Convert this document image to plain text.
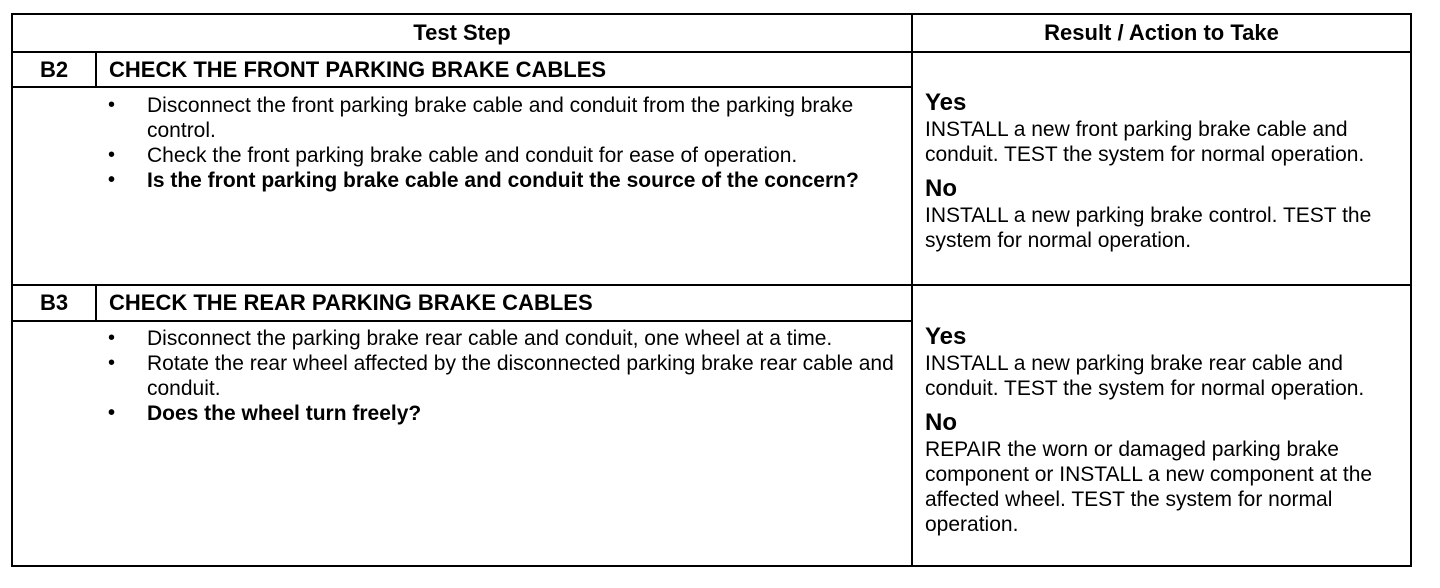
Test Step	Result / Action to Take
B2	CHECK THE FRONT PARKING BRAKE CABLES
• Disconnect the front parking brake cable and conduit from the parking brake control.
• Check the front parking brake cable and conduit for ease of operation.
• Is the front parking brake cable and conduit the source of the concern?

Yes

INSTALL a new front parking brake cable and conduit. TEST the system for normal operation.

No

INSTALL a new parking brake control. TEST the system for normal operation.

B3	CHECK THE REAR PARKING BRAKE CABLES
• Disconnect the parking brake rear cable and conduit, one wheel at a time.
• Rotate the rear wheel affected by the disconnected parking brake rear cable and conduit.
• Does the wheel turn freely?

Yes

INSTALL a new parking brake rear cable and conduit. TEST the system for normal operation.

No

REPAIR the worn or damaged parking brake component or INSTALL a new component at the affected wheel. TEST the system for normal operation.
